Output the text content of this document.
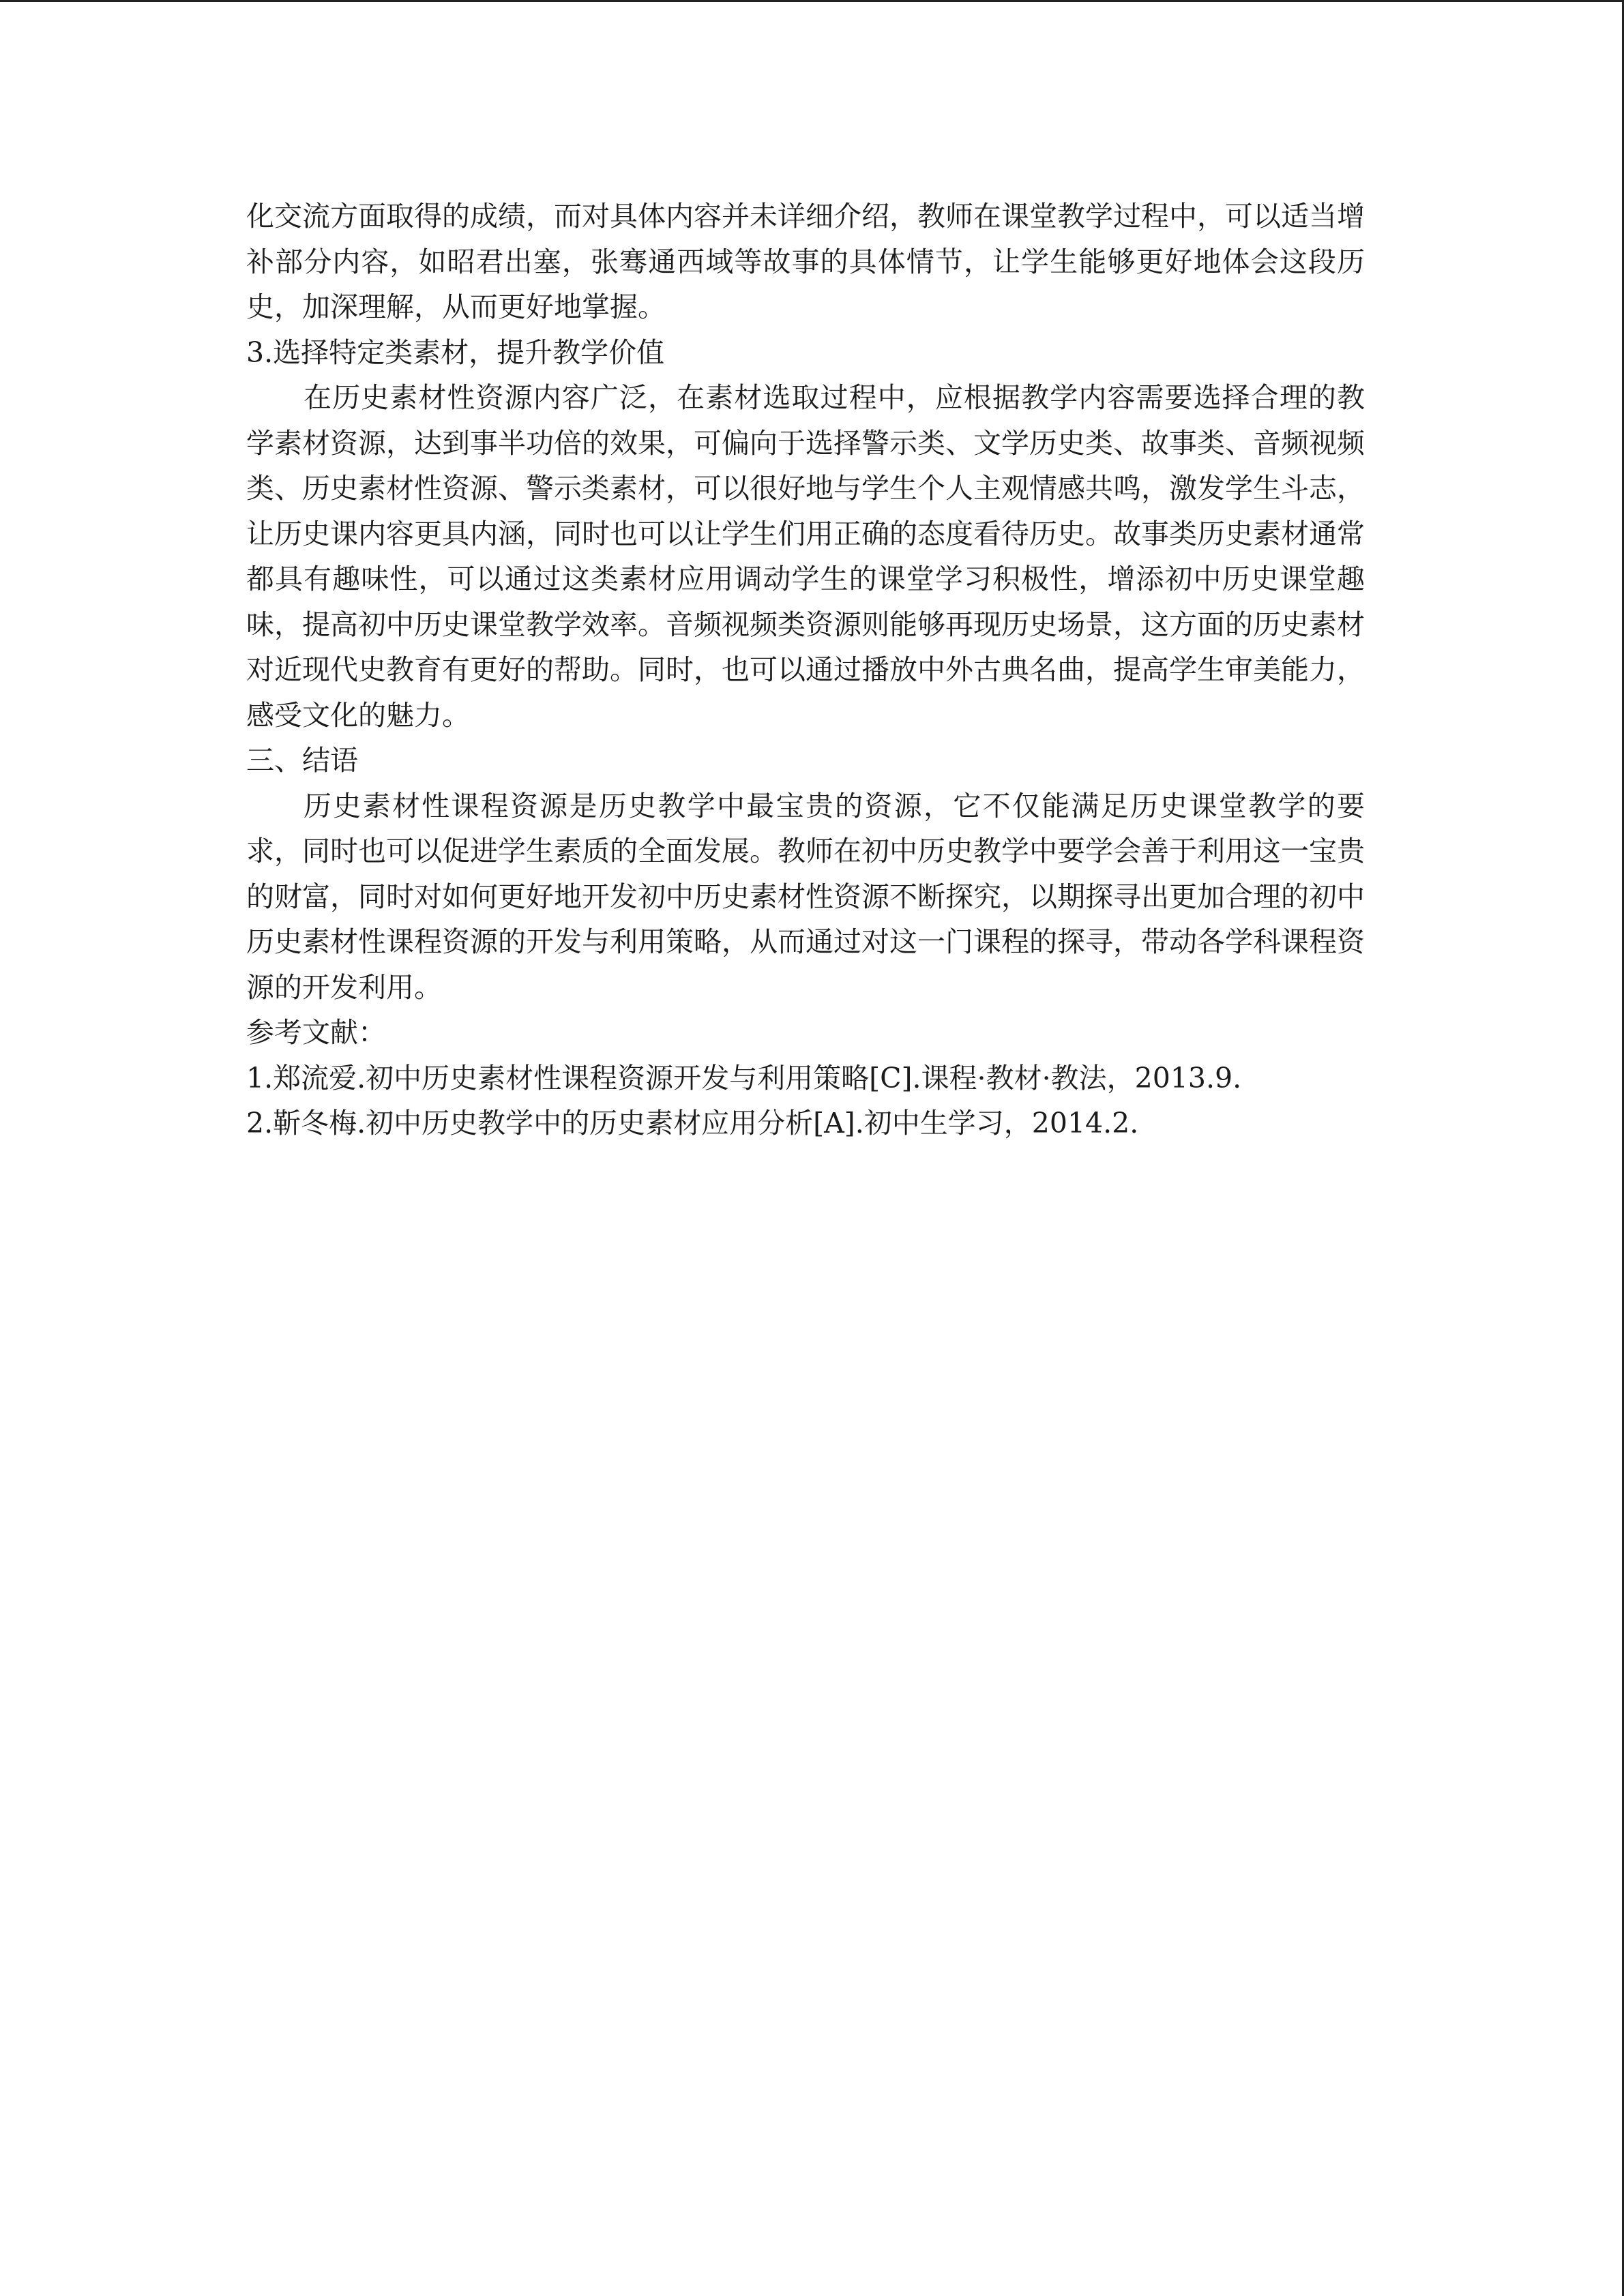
化交流方面取得的成绩，而对具体内容并未详细介绍，教师在课堂教学过程中，可以适当增补部分内容，如昭君出塞，张骞通西域等故事的具体情节，让学生能够更好地体会这段历史，加深理解，从而更好地掌握。

3.选择特定类素材，提升教学价值

在历史素材性资源内容广泛，在素材选取过程中，应根据教学内容需要选择合理的教学素材资源，达到事半功倍的效果，可偏向于选择警示类、文学历史类、故事类、音频视频类、历史素材性资源、警示类素材，可以很好地与学生个人主观情感共鸣，激发学生斗志，让历史课内容更具内涵，同时也可以让学生们用正确的态度看待历史。故事类历史素材通常都具有趣味性，可以通过这类素材应用调动学生的课堂学习积极性，增添初中历史课堂趣味，提高初中历史课堂教学效率。音频视频类资源则能够再现历史场景，这方面的历史素材对近现代史教育有更好的帮助。同时，也可以通过播放中外古典名曲，提高学生审美能力，感受文化的魅力。

三、结语

历史素材性课程资源是历史教学中最宝贵的资源，它不仅能满足历史课堂教学的要求，同时也可以促进学生素质的全面发展。教师在初中历史教学中要学会善于利用这一宝贵的财富，同时对如何更好地开发初中历史素材性资源不断探究，以期探寻出更加合理的初中历史素材性课程资源的开发与利用策略，从而通过对这一门课程的探寻，带动各学科课程资源的开发利用。

参考文献：

1.郑流爱.初中历史素材性课程资源开发与利用策略[C].课程·教材·教法，2013.9.

2.靳冬梅.初中历史教学中的历史素材应用分析[A].初中生学习，2014.2.
